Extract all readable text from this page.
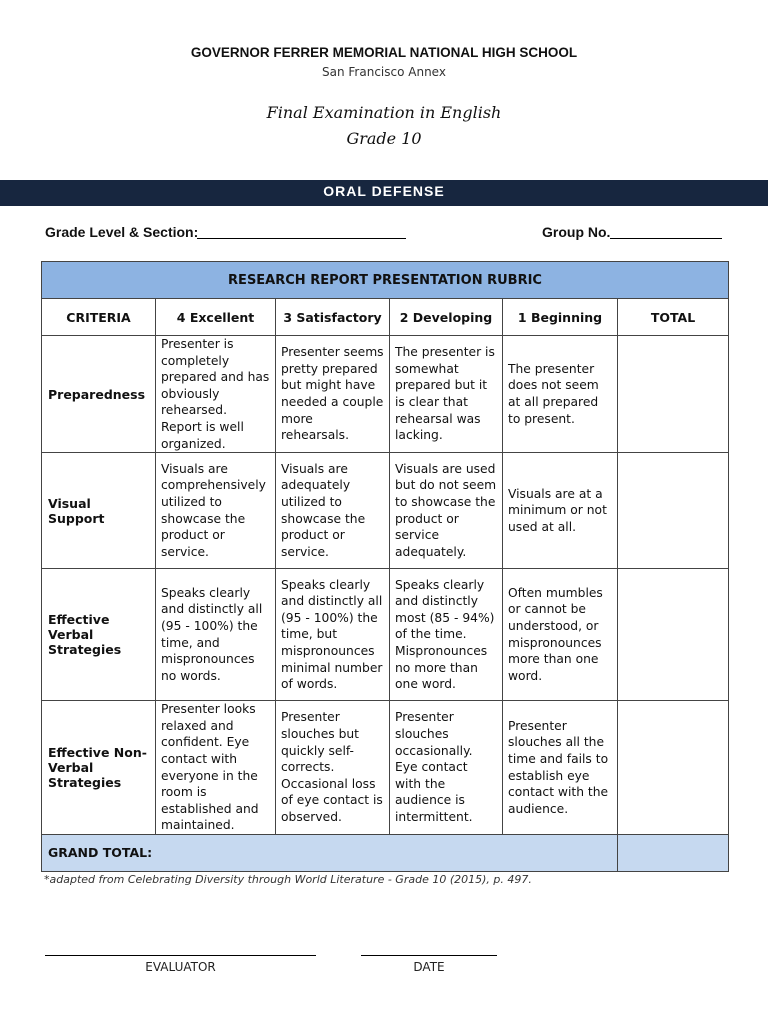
GOVERNOR FERRER MEMORIAL NATIONAL HIGH SCHOOL
San Francisco Annex
Final Examination in English
Grade 10
ORAL DEFENSE
Grade Level & Section:	Group No.
RESEARCH REPORT PRESENTATION RUBRIC					
CRITERIA	4 Excellent	3 Satisfactory	2 Developing	1 Beginning	TOTAL
Preparedness	Presenter is completely prepared and has obviously rehearsed. Report is well organized.	Presenter seems pretty prepared but might have needed a couple more rehearsals.	The presenter is somewhat prepared but it is clear that rehearsal was lacking.	The presenter does not seem at all prepared to present.	
Visual Support	Visuals are comprehensively utilized to showcase the product or service.	Visuals are adequately utilized to showcase the product or service.	Visuals are used but do not seem to showcase the product or service adequately.	Visuals are at a minimum or not used at all.	
Effective Verbal Strategies	Speaks clearly and distinctly all (95 - 100%) the time, and mispronounces no words.	Speaks clearly and distinctly all (95 - 100%) the time, but mispronounces minimal number of words.	Speaks clearly and distinctly most (85 - 94%) of the time. Mispronounces no more than one word.	Often mumbles or cannot be understood, or mispronounces more than one word.	
Effective Non-Verbal Strategies	Presenter looks relaxed and confident. Eye contact with everyone in the room is established and maintained.	Presenter slouches but quickly self-corrects. Occasional loss of eye contact is observed.	Presenter slouches occasionally. Eye contact with the audience is intermittent.	Presenter slouches all the time and fails to establish eye contact with the audience.	
GRAND TOTAL:					
*adapted from Celebrating Diversity through World Literature - Grade 10 (2015), p. 497.
EVALUATOR	DATE
